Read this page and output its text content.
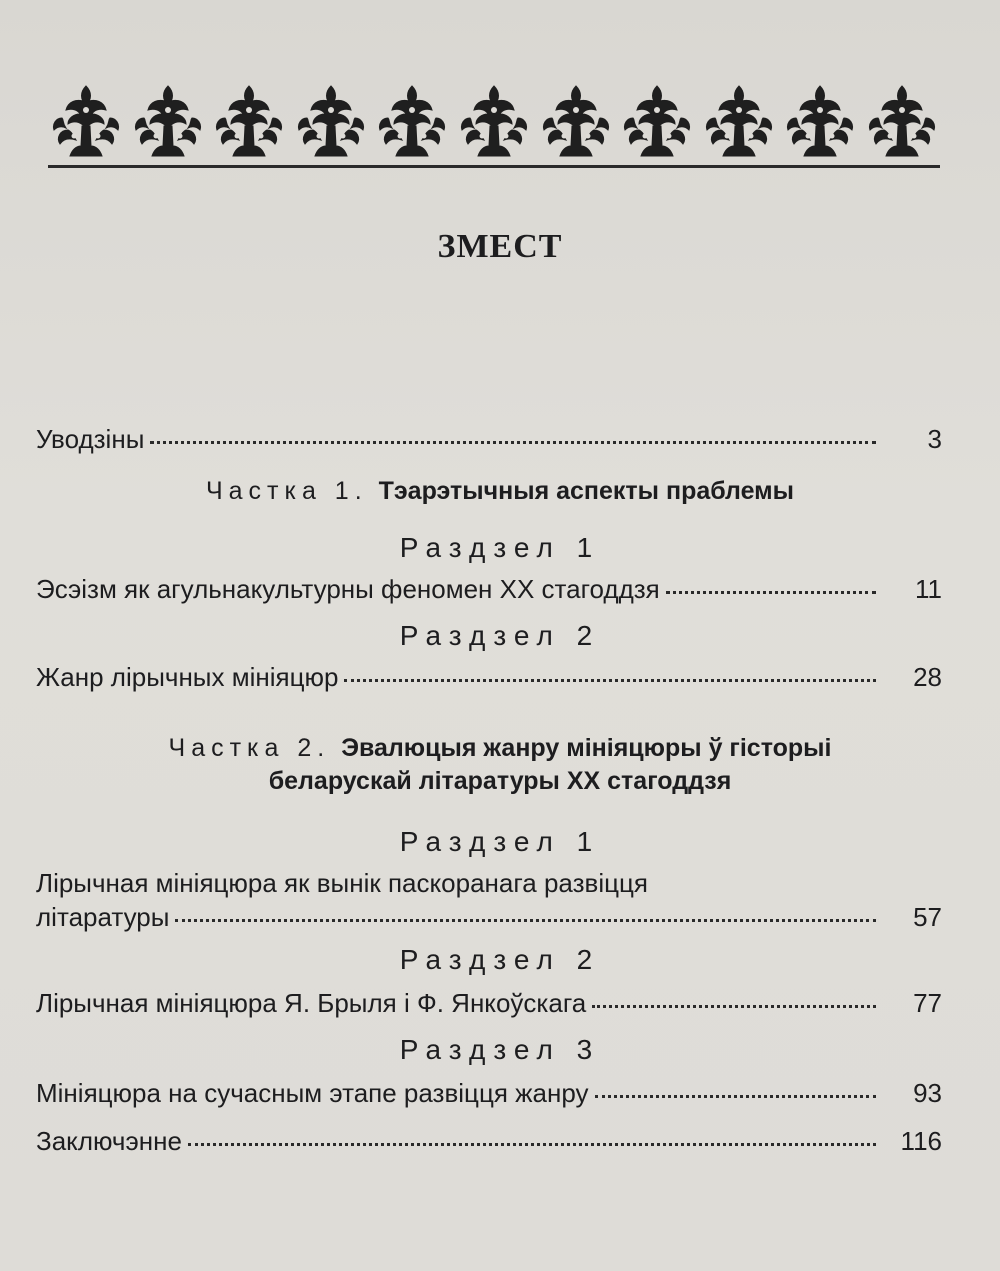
ЗМЕСТ
Уводзіны	3
Частка 1. Тэарэтычныя аспекты праблемы
Раздзел 1
Эсэізм як агульнакультурны феномен XX стагоддзя	11
Раздзел 2
Жанр лірычных мініяцюр	28
Частка 2. Эвалюцыя жанру мініяцюры ў гісторыі
беларускай літаратуры XX стагоддзя
Раздзел 1
Лірычная мініяцюра як вынік паскоранага развіцця
літаратуры	57
Раздзел 2
Лірычная мініяцюра Я. Брыля і Ф. Янкоўскага	77
Раздзел 3
Мініяцюра на сучасным этапе развіцця жанру	93
Заключэнне	116
